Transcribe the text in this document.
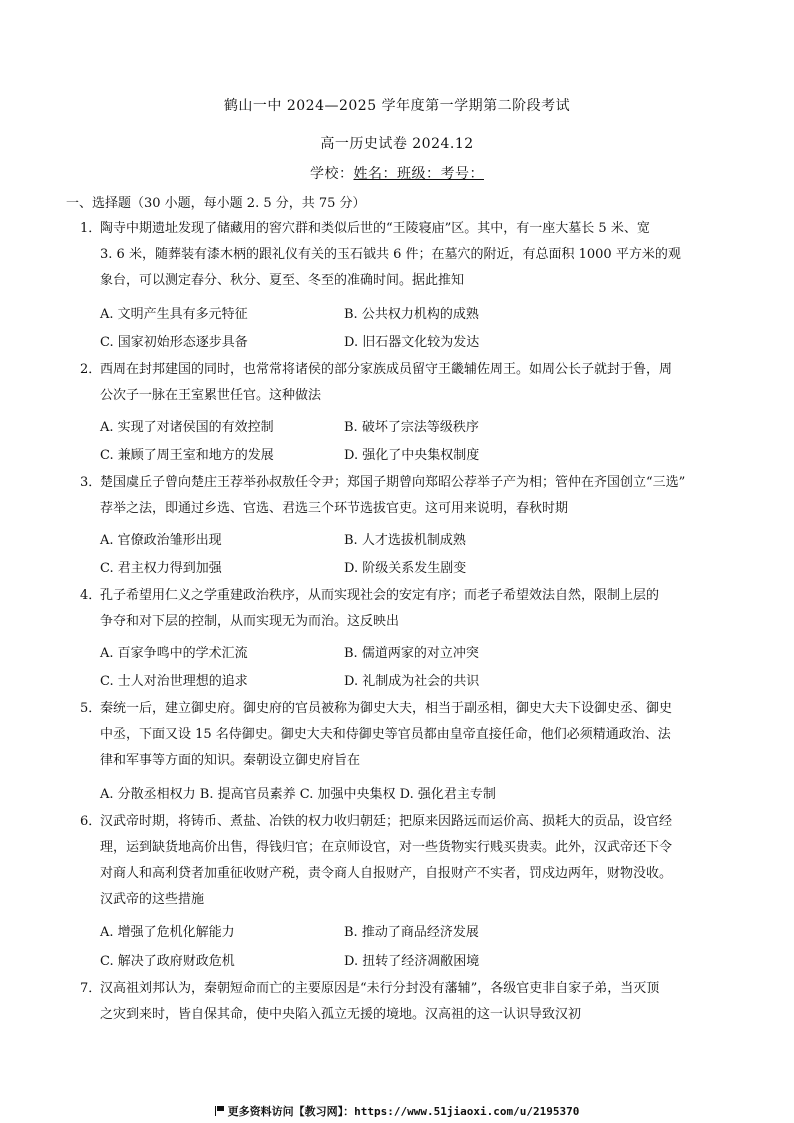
鹤山一中 2024—2025 学年度第一学期第二阶段考试
高一历史试卷 2024.12
学校：姓名：班级：考号：
一、选择题（30 小题，每小题 2. 5 分，共 75 分）
1．
陶寺中期遗址发现了储藏用的窖穴群和类似后世的“王陵寝庙”区。其中，有一座大墓长 5 米、宽
3. 6 米，随葬装有漆木柄的跟礼仪有关的玉石钺共 6 件；在墓穴的附近，有总面积 1000 平方米的观
象台，可以测定春分、秋分、夏至、冬至的准确时间。据此推知
A. 文明产生具有多元特征	B. 公共权力机构的成熟
C. 国家初始形态逐步具备	D. 旧石器文化较为发达
2．
西周在封邦建国的同时，也常常将诸侯的部分家族成员留守王畿辅佐周王。如周公长子就封于鲁，周
公次子一脉在王室累世任官。这种做法
A. 实现了对诸侯国的有效控制	B. 破坏了宗法等级秩序
C. 兼顾了周王室和地方的发展	D. 强化了中央集权制度
3．
楚国虞丘子曾向楚庄王荐举孙叔敖任令尹；郑国子期曾向郑昭公荐举子产为相；管仲在齐国创立“三选”
荐举之法，即通过乡选、官选、君选三个环节选拔官吏。这可用来说明，春秋时期
A. 官僚政治雏形出现	B. 人才选拔机制成熟
C. 君主权力得到加强	D. 阶级关系发生剧变
4．
孔子希望用仁义之学重建政治秩序，从而实现社会的安定有序；而老子希望效法自然，限制上层的
争夺和对下层的控制，从而实现无为而治。这反映出
A. 百家争鸣中的学术汇流	B. 儒道两家的对立冲突
C. 士人对治世理想的追求	D. 礼制成为社会的共识
5．
秦统一后，建立御史府。御史府的官员被称为御史大夫，相当于副丞相，御史大夫下设御史丞、御史
中丞，下面又设 15 名侍御史。御史大夫和侍御史等官员都由皇帝直接任命，他们必须精通政治、法
律和军事等方面的知识。秦朝设立御史府旨在
A. 分散丞相权力 B. 提高官员素养 C. 加强中央集权 D. 强化君主专制
6．
汉武帝时期，将铸币、煮盐、冶铁的权力收归朝廷；把原来因路远而运价高、损耗大的贡品，设官经
理，运到缺货地高价出售，得钱归官；在京师设官，对一些货物实行贱买贵卖。此外，汉武帝还下令
对商人和高利贷者加重征收财产税，责令商人自报财产，自报财产不实者，罚戍边两年，财物没收。
汉武帝的这些措施
A. 增强了危机化解能力	B. 推动了商品经济发展
C. 解决了政府财政危机	D. 扭转了经济凋敝困境
7．
汉高祖刘邦认为，秦朝短命而亡的主要原因是“未行分封没有藩辅”，各级官吏非自家子弟，当灭顶
之灾到来时，皆自保其命，使中央陷入孤立无援的境地。汉高祖的这一认识导致汉初
更多资料访问【教习网】：https://www.51jiaoxi.com/u/2195370
